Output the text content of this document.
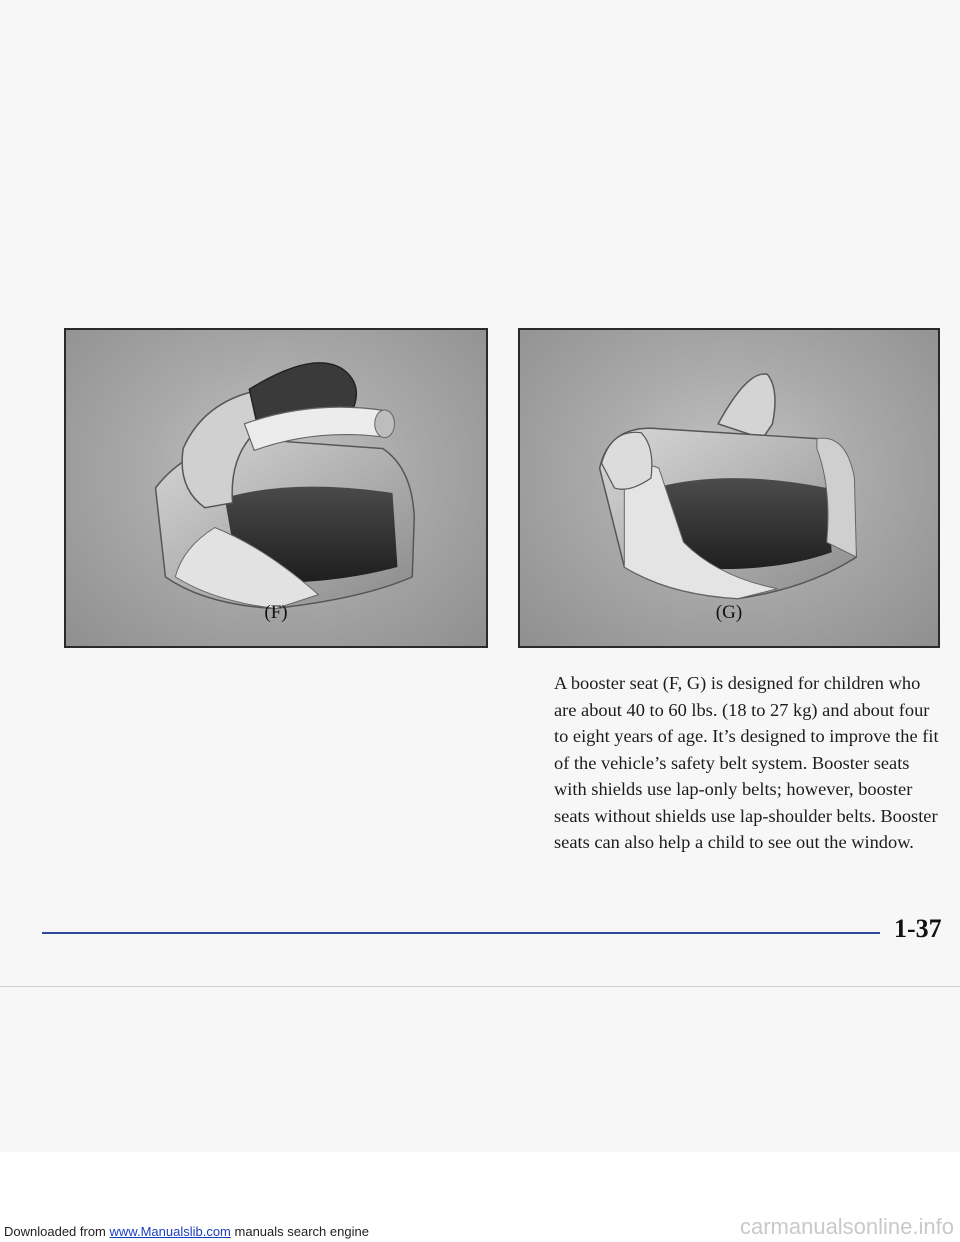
(F)	(G)

A booster seat (F, G) is designed for children who are about 40 to 60 lbs. (18 to 27 kg) and about four to eight years of age. It’s designed to improve the fit of the vehicle’s safety belt system. Booster seats with shields use lap-only belts; however, booster seats without shields use lap-shoulder belts. Booster seats can also help a child to see out the window.

1-37
Downloaded from www.Manualslib.com manuals search engine	carmanualsonline.info
